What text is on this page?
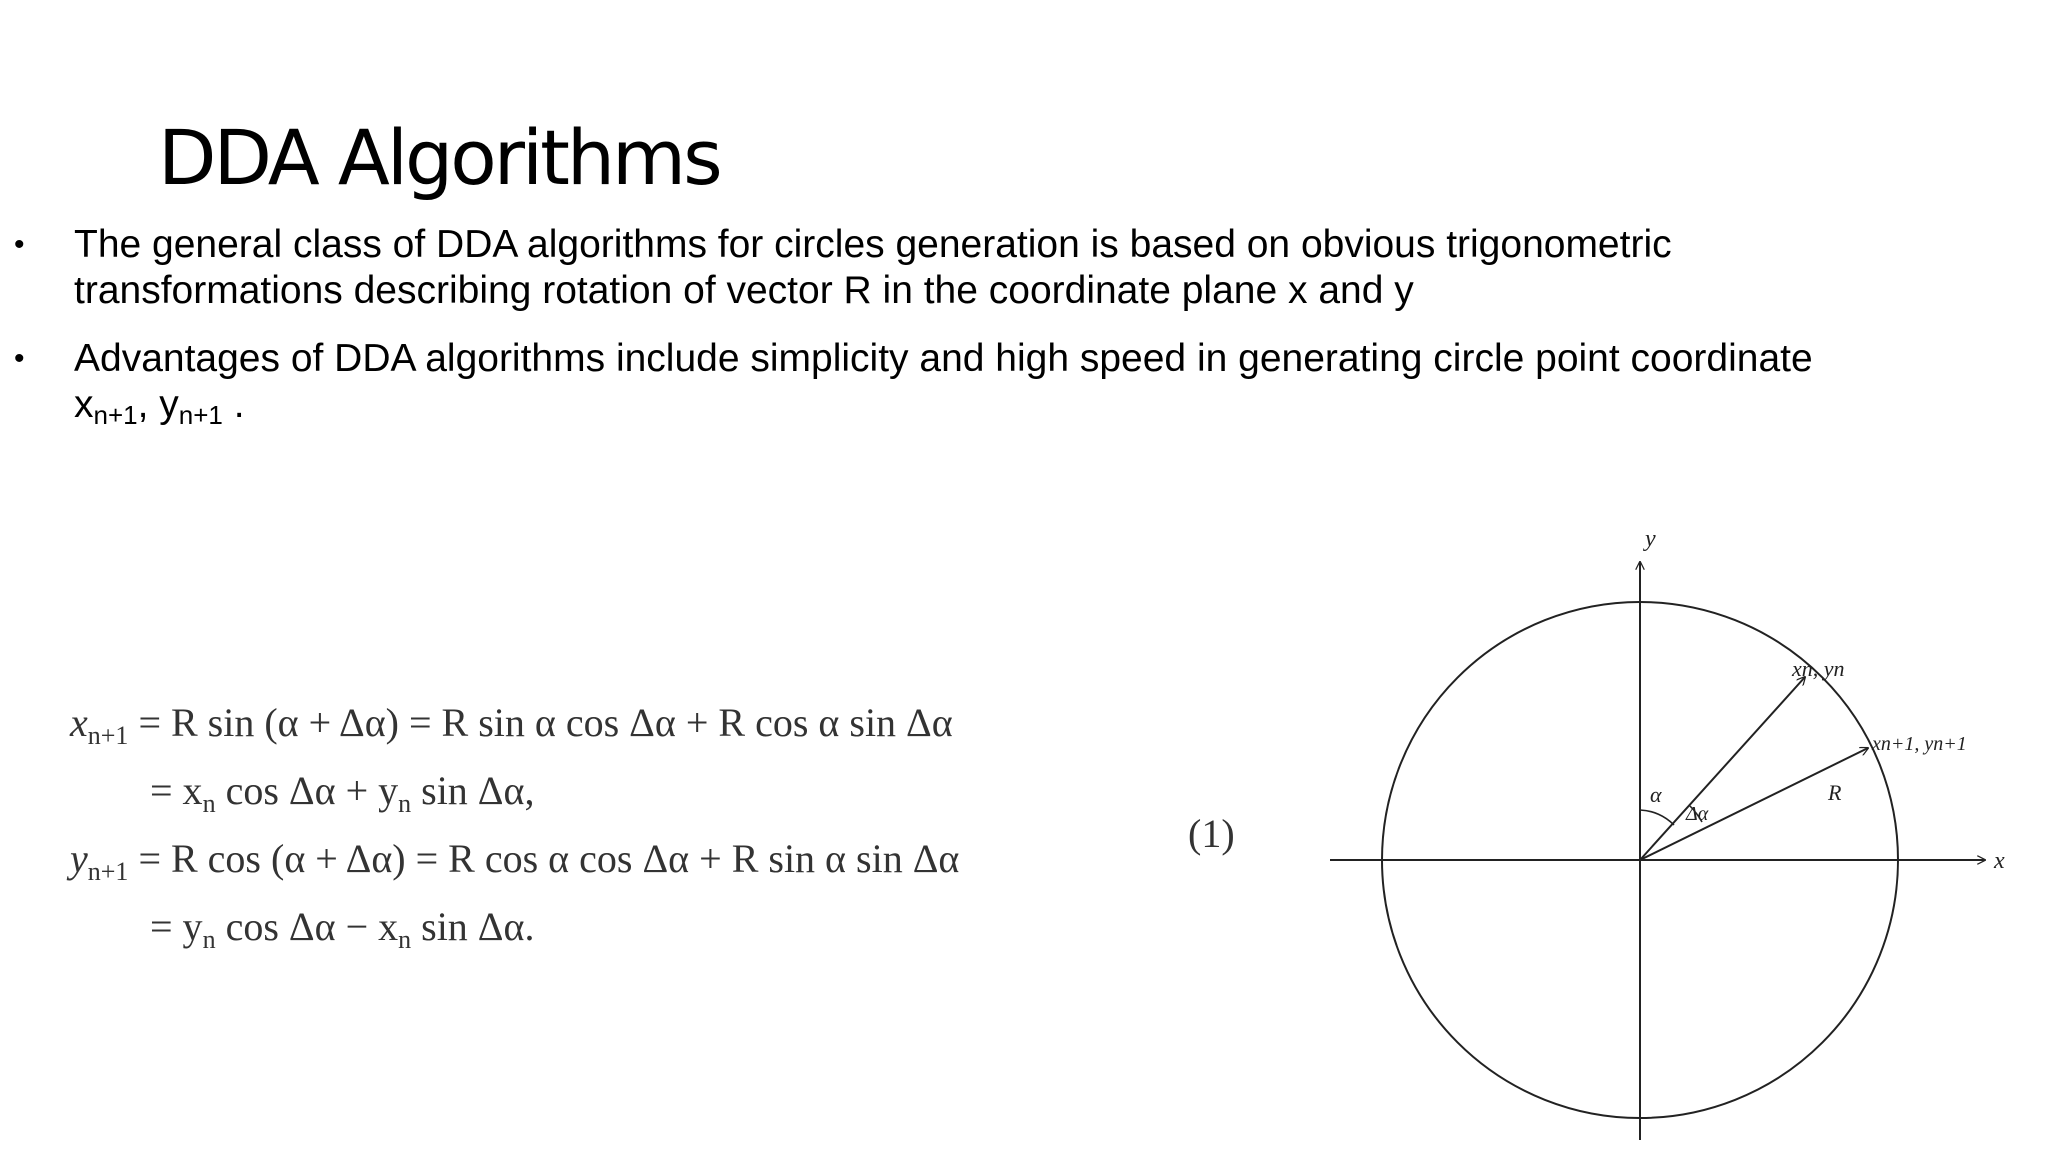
DDA Algorithms
• The general class of DDA algorithms for circles generation is based on obvious trigonometric
transformations describing rotation of vector R in the coordinate plane x and y
• Advantages of DDA algorithms include simplicity and high speed in generating circle point coordinate
$x_{n+1}$, $y_{n+1}$ .
$x_{n+1} = R$ sin (α + Δα) = R sin α cos Δα + R cos α sin Δα
= $x_n$ $\cos \Delta\alpha + y_n$ sin Δα,
$y_{n+1} = R$ cos (α + Δα) = R cos α cos Δα + R sin α sin Δα
= $y_n$ $\cos \Delta\alpha - x_n$ sin Δα.
(1)
y
x
xn, yn
xn+1, yn+1
R
α
Δα
